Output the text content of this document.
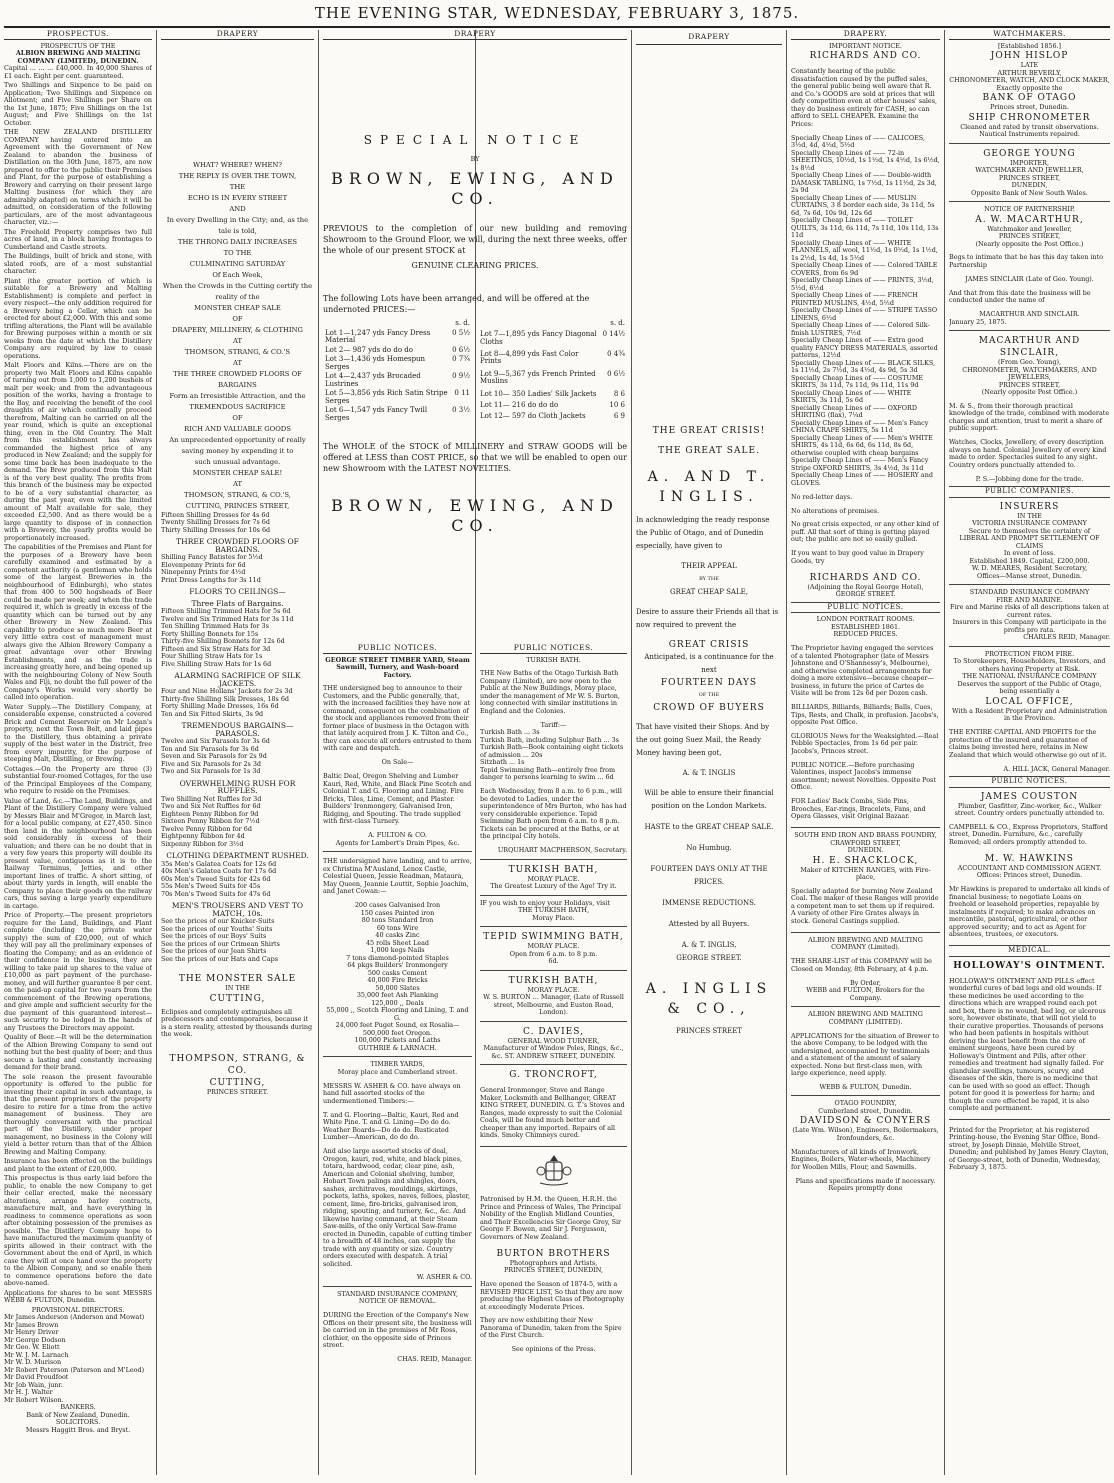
THE EVENING STAR, WEDNESDAY, FEBRUARY 3, 1875.
PROSPECTUS.
PROSPECTUS OF THE
ALBION BREWING AND MALTING COMPANY (LIMITED), DUNEDIN.

Capital ... ... ... £40,000. In 40,000 Shares of £1 each. Eight per cent. guaranteed.

Two Shillings and Sixpence to be paid on Application; Two Shillings and Sixpence on Allotment; and Five Shillings per Share on the 1st June, 1875; Five Shillings on the 1st August; and Five Shillings on the 1st October.

THE NEW ZEALAND DISTILLERY COMPANY having entered into an Agreement with the Government of New Zealand to abandon the business of Distillation on the 30th June, 1875, are now prepared to offer to the public their Premises and Plant, for the purpose of establishing a Brewery and carrying on their present large Malting business (for which they are admirably adapted) on terms which it will be admitted, on consideration of the following particulars, are of the most advantageous character, viz.:—

The Freehold Property comprises two full acres of land, in a block having frontages to Cumberland and Castle streets.

The Buildings, built of brick and stone, with slated roofs, are of a most substantial character.

Plant (the greater portion of which is suitable for a Brewery and Malting Establishment) is complete and perfect in every respect—the only addition required for a Brewery being a Cellar, which can be erected for about £2,000. With this and some trifling alterations, the Plant will be available for Brewing purposes within a month or six weeks from the date at which the Distillery Company are required by law to cease operations.

Malt Floors and Kilns.—There are on the property two Malt Floors and Kilns capable of turning out from 1,000 to 1,200 bushels of malt per week; and from the advantageous position of the works, having a frontage to the Bay, and receiving the benefit of the cool draughts of air which continually proceed therefrom, Malting can be carried on all the year round, which is quite an exceptional thing, even in the Old Country. The Malt from this establishment has always commanded the highest price of any produced in New Zealand; and the supply for some time back has been inadequate to the demand. The Brew produced from this Malt is of the very best quality. The profits from this branch of the business may be expected to be of a very substantial character, as during the past year, even with the limited amount of Malt available for sale, they exceeded £2,500. And as there would be a large quantity to dispose of in connection with a Brewery, the yearly profits would be proportionately increased.

The capabilities of the Premises and Plant for the purposes of a Brewery have been carefully examined and estimated by a competent authority (a gentleman who holds some of the largest Breweries in the neighbourhood of Edinburgh), who states that from 400 to 500 hogsheads of Beer could be made per week; and when the trade required it, which is greatly in excess of the quantity which can be turned out by any other Brewery in New Zealand. This capability to produce so much more Beer at very little extra cost of management must always give the Albion Brewery Company a great advantage over other Brewing Establishments, and as the trade is increasing greatly here, and being opened up with the neighbouring Colony of New South Wales and Fiji, no doubt the full power of the Company's Works would very shortly be called into operation.

Water Supply.—The Distillery Company, at considerable expense, constructed a covered Brick and Cement Reservoir on Mr Logan's property, next the Town Belt, and laid pipes to the Distillery, thus obtaining a private supply of the best water in the District, free from every impurity, for the purpose of steeping Malt, Distilling, or Brewing.

Cottages.—On the Property are three (3) substantial four-roomed Cottages, for the use of the Principal Employees of the Company, who require to reside on the Premises.

Value of Land, &c.—The Land, Buildings, and Plant of the Distillery Company were valued by Messrs Blair and M'Gregor, in March last, for a local public company, at £27,450. Since then land in the neighbourhood has been sold considerably in excess of their valuation; and there can be no doubt that in a very few years this property will double its present value, contiguous as it is to the Railway Terminus, Jetties, and other important lines of traffic. A short sitting, of about thirty yards in length, will enable the Company to place their goods on the railway cars, thus saving a large yearly expenditure in cartage.

Price of Property.—The present proprietors require for the Land, Buildings, and Plant complete (including the private water supply) the sum of £20,000, out of which they will pay all the preliminary expenses of floating the Company; and as an evidence of their confidence in the business, they are willing to take paid up shares to the value of £10,000 as part payment of the purchase-money, and will further guarantee 8 per cent. on the paid-up capital for two years from the commencement of the Brewing operations, and give ample and sufficient security for the due payment of this guaranteed interest—such security to be lodged in the hands of any Trustees the Directors may appoint.

Quality of Beer.—It will be the determination of the Albion Brewing Company to send out nothing but the best quality of beer; and thus secure a lasting and constantly increasing demand for their brand.

The sole reason the present favourable opportunity is offered to the public for investing their capital in such advantage, is that the present proprietors of the property desire to retire for a time from the active management of business. They are thoroughly conversant with the practical part of the Distillery, under proper management, no business in the Colony will yield a better return than that of the Albion Brewing and Malting Company.

Insurance has been effected on the buildings and plant to the extent of £20,000.

This prospectus is thus early laid before the public, to enable the new Company to get their cellar erected, make the necessary alterations, arrange barley contracts, manufacture malt, and have everything in readiness to commence operations as soon after obtaining possession of the premises as possible. The Distillery Company hope to have manufactured the maximum quantity of spirits allowed in their contract with the Government about the end of April, in which case they will at once hand over the property to the Albion Company, and so enable them to commence operations before the date above-named.

Applications for shares to be sent MESSRS WEBB & FULTON, Dunedin.

PROVISIONAL DIRECTORS.
Mr James Anderson (Anderson and Mowat)
Mr James Brown
Mr Henry Driver
Mr George Dodson
Mr Geo. W. Eliott
Mr W. J. M. Larnach
Mr W. D. Murison
Mr Robert Paterson (Paterson and M'Leod)
Mr David Proudfoot
Mr Job Wain, junr.
Mr H. J. Walter
Mr Robert Wilson.
BANKERS.
Bank of New Zealand, Dunedin.
SOLICITORS.
Messrs Haggitt Bros. and Bryst.
DRAPERY
WHAT? WHERE? WHEN?
THE REPLY IS OVER THE TOWN,
THE
ECHO IS IN EVERY STREET
AND
In every Dwelling in the City; and, as the
tale is told,
THE THRONG DAILY INCREASES
TO THE
CULMINATING SATURDAY
Of Each Week,
When the Crowds in the Cutting certify the
reality of the
MONSTER CHEAP SALE
OF
DRAPERY, MILLINERY, & CLOTHING
AT
THOMSON, STRANG, & CO.'S
AT
THE THREE CROWDED FLOORS OF
BARGAINS
Form an Irresistible Attraction, and the
TREMENDOUS SACRIFICE
OF
RICH AND VALUABLE GOODS
An unprecedented opportunity of really
saving money by expending it to
such unusual advantage.
MONSTER CHEAP SALE!
AT
THOMSON, STRANG, & CO.'S,
CUTTING, PRINCES STREET,
Fifteen Shilling Dresses for 4s 6d
Twenty Shilling Dresses for 7s 6d
Thirty Shilling Dresses for 10s 6d
THREE CROWDED FLOORS OF BARGAINS.
Shilling Fancy Batistes for 5½d
Elevenpenny Prints for 6d
Ninepenny Prints for 4½d
Print Dress Lengths for 3s 11d
FLOORS TO CEILINGS—
Three Flats of Bargains.
Fifteen Shilling Trimmed Hats for 5s 6d
Twelve and Six Trimmed Hats for 3s 11d
Ten Shilling Trimmed Hats for 3s
Forty Shilling Bonnets for 15s
Thirty-five Shilling Bonnets for 12s 6d
Fifteen and Six Straw Hats for 3d
Four Shilling Straw Hats for 1s
Five Shilling Straw Hats for 1s 6d
ALARMING SACRIFICE OF SILK JACKETS.
Four and Nine Hollans' Jackets for 2s 3d
Thirty-five Shilling Silk Dresses, 18s 6d
Forty Shilling Made Dresses, 16s 6d
Ten and Six Fitted Skirts, 3s 9d
TREMENDOUS BARGAINS—PARASOLS.
Twelve and Six Parasols for 3s 6d
Ten and Six Parasols for 3s 6d
Seven and Six Parasols for 2s 9d
Five and Six Parasols for 2s 3d
Two and Six Parasols for 1s 3d
OVERWHELMING RUSH FOR RUFFLES.
Two Shilling Net Ruffles for 3d
Two and Six Net Ruffles for 6d
Eighteen Penny Ribbon for 9d
Sixteen Penny Ribbon for 7½d
Twelve Penny Ribbon for 6d
Eightpenny Ribbon for 4d
Sixpenny Ribbon for 3½d
CLOTHING DEPARTMENT RUSHED.
35s Men's Galatea Coats for 12s 6d
40s Men's Galatea Coats for 17s 6d
60s Men's Tweed Suits for 42s 6d
55s Men's Tweed Suits for 45s
70s Men's Tweed Suits for 47s 6d
MEN'S TROUSERS AND VEST TO MATCH, 10s.
See the prices of our Knicker-Suits
See the prices of our Youths' Suits
See the prices of our Boys' Suits
See the prices of our Crimean Shirts
See the prices of our Jean Shirts
See the prices of our Hats and Caps
THE MONSTER SALE
IN THE
CUTTING,

Eclipses and completely extinguishes all predecessors and contemporaries, because it is a stern reality, attested by thousands during the week.

THOMPSON, STRANG, & CO.
CUTTING,
PRINCES STREET.
DRAPERY
SPECIAL NOTICE
BY
BROWN, EWING, AND CO.

PREVIOUS to the completion of our new building and removing Showroom to the Ground Floor, we will, during the next three weeks, offer the whole of our present STOCK at

GENUINE CLEARING PRICES.

The following Lots have been arranged, and will be offered at the undernoted PRICES:—

	s. d.
Lot 1—1,247 yds Fancy Dress Material	0 5½
Lot 2— 987 yds do do do	0 6½
Lot 3—1,436 yds Homespun Serges	0 7¾
Lot 4—2,437 yds Brocaded Lustrines	0 9½
Lot 5—3,856 yds Rich Satin Stripe Serges	0 11
Lot 6—1,547 yds Fancy Twill Serges	0 3½
	s. d.
Lot 7—1,895 yds Fancy Diagonal Cloths	0 14½
Lot 8—4,899 yds Fast Color Prints	0 4¾
Lot 9—5,367 yds French Printed Muslins	0 6½
Lot 10— 350 Ladies' Silk Jackets	8 6
Lot 11— 216 do do do	10 6
Lot 12— 597 do Cloth Jackets	6 9

The WHOLE of the STOCK of MILLINERY and STRAW GOODS will be offered at LESS than COST PRICE, so that we will be enabled to open our new Showroom with the LATEST NOVELTIES.

BROWN, EWING, AND CO.
PUBLIC NOTICES.
GEORGE STREET TIMBER YARD, Steam Sawmill, Turnery, and Wash-board Factory.

THE undersigned beg to announce to their Customers, and the Public generally, that, with the increased facilities they have now at command, consequent on the combination of the stock and appliances removed from their former place of business in the Octagon with that lately acquired from J. K. Tilton and Co., they can execute all orders entrusted to them with care and despatch.

On Sale—

Baltic Deal, Oregon Shelving and Lumber Kauri, Red, White, and Black Pine Scotch and Colonial T. and G. Flooring and Lining. Fire Bricks, Tiles, Lime, Cement, and Plaster. Builders' Ironmongery, Galvanised Iron, Ridging, and Spouting. The trade supplied with first-class Turnery.

A. FULTON & CO.
Agents for Lambert's Drain Pipes, &c.

THE undersigned have landing, and to arrive, ex Christina M'Ausland, Lenox Castle, Celestial Queen, Jessie Readman, Mataura, May Queen, Jeannie Louttit, Sophie Joachim, and Janet Cowan:—

200 cases Galvanised Iron
150 cases Painted iron
80 tons Standard Iron
60 tons Wire
40 casks Zinc
45 rolls Sheet Lead
1,000 kegs Nails
7 tons diamond-pointed Staples
64 pkgs Builders' Ironmongery
500 casks Cement
40,000 Fire Bricks
50,000 Slates
35,000 feet Ash Planking
125,000 ,, Deals
55,000 ,, Scotch Flooring and Lining, T. and G.
24,000 feet Puget Sound, ex Rosalia—
500,000 feet Oregon.
100,000 Pickets and Laths
GUTHRIE & LARNACH.
TIMBER YARDS,
Moray place and Cumberland street.

MESSRS W. ASHER & CO. have always on hand full assorted stocks of the undermentioned Timbers:—

T. and G. Flooring—Baltic, Kauri, Red and White Pine. T. and G. Lining—Do do do. Weather Boards—Do do do. Rusticated Lumber—American, do do do.

And also large assorted stocks of deal, Oregon, kauri, red, white, and black pines, totara, hardwood, cedar, clear pine, ash, American and Colonial shelving, lumber, Hobart Town palings and shingles, doors, sashes, architraves, mouldings, skirtings, pockets, laths, spokes, naves, felloes, plaster, cement, lime, fire-bricks, galvanised iron, ridging, spouting, and turnery, &c., &c. And likewise having command, at their Steam Saw-mills, of the only Vertical Saw-frame erected in Dunedin, capable of cutting timber to a breadth of 48 inches, can supply the trade with any quantity or size. Country orders executed with despatch. A trial solicited.

W. ASHER & CO.
STANDARD INSURANCE COMPANY,
NOTICE OF REMOVAL.

DURING the Erection of the Company's New Offices on their present site, the business will be carried on in the premises of Mr Ross, clothier, on the opposite side of Princes street.

CHAS. REID, Manager.
PUBLIC NOTICES.
TURKISH BATH.

THE New Baths of the Otago Turkish Bath Company (Limited), are now open to the Public at the New Buildings, Moray place, under the management of Mr W. S. Burton, long connected with similar institutions in England and the Colonies.

Tariff:—
Turkish Bath ... 3s
Turkish Bath, including Sulphur Bath ... 3s
Turkish Bath—Book containing eight tickets of admission ... 20s
Sitzbath ... 1s
Tepid Swimming Bath—entirely free from danger to persons learning to swim ... 6d

Each Wednesday, from 8 a.m. to 6 p.m., will be devoted to Ladies, under the superintendence of Mrs Burton, who has had very considerable experience. Tepid Swimming Bath open from 6 a.m. to 8 p.m. Tickets can be procured at the Baths, or at the principal City hotels.

URQUHART MACPHERSON, Secretary.
TURKISH BATH,
MORAY PLACE.
The Greatest Luxury of the Age! Try it.
IF you wish to enjoy your Holidays, visit
THE TURKISH BATH,
Moray Place.
TEPID SWIMMING BATH,
MORAY PLACE.
Open from 6 a.m. to 8 p.m.
6d.
TURKISH BATH,
MORAY PLACE.
W. S. BURTON ... Manager, (Late of Russell street, Melbourne, and Euston Road, London).
C. DAVIES,
GENERAL WOOD TURNER,
Manufacturer of Window Poles, Rings, &c., &c. ST. ANDREW STREET, DUNEDIN.
G. TRONCROFT,

General Ironmonger, Stove and Range Maker, Locksmith and Bellhanger, GREAT KING STREET, DUNEDIN. G. T.'s Stoves and Ranges, made expressly to suit the Colonial Coals, will be found much better and cheaper than any imported. Repairs of all kinds. Smoky Chimneys cured.

Patronised by H.M. the Queen, H.R.H. the Prince and Princess of Wales, The Principal Nobility of the English Midland Counties, and Their Excellencies Sir George Grey, Sir George F. Bowen, and Sir J. Fergusson, Governors of New Zealand.

BURTON BROTHERS
Photographers and Artists,
PRINCES STREET, DUNEDIN,

Have opened the Season of 1874-5, with a REVISED PRICE LIST, So that they are now producing the Highest Class of Photography at exceedingly Moderate Prices.

They are now exhibiting their New Panorama of Dunedin, taken from the Spire of the First Church.

See opinions of the Press.
DRAPERY
THE GREAT CRISIS!
THE GREAT SALE.
A. AND T. INGLIS.

In acknowledging the ready response the Public of Otago, and of Dunedin especially, have given to

THEIR APPEAL
BY THE
GREAT CHEAP SALE,

Desire to assure their Friends all that is now required to prevent the

GREAT CRISIS
Anticipated, is a continuance for the next
FOURTEEN DAYS
OF THE
CROWD OF BUYERS

That have visited their Shops. And by the out going Suez Mail, the Ready Money having been got,

A. & T. INGLIS

Will be able to ensure their financial position on the London Markets.

HASTE to the GREAT CHEAP SALE.
No Humbug.
FOURTEEN DAYS ONLY AT THE PRICES.
IMMENSE REDUCTIONS.
Attested by all Buyers.
A. & T. INGLIS,
GEORGE STREET.
A. INGLIS & CO.,
PRINCES STREET
DRAPERY.
IMPORTANT NOTICE.
RICHARDS AND CO.

Constantly hearing of the public dissatisfaction caused by the puffed sales, the general public being well aware that R. and Co.'s GOODS are sold at prices that will defy competition even at other houses' sales, they do business entirely for CASH, so can afford to SELL CHEAPER. Examine the Prices:

Specially Cheap Lines of —— CALICOES, 3½d, 4d, 4½d, 5½d
Specially Cheap Lines of —— 72-in SHEETINGS, 10½d, 1s 1½d, 1s 4½d, 1s 6½d, 1s 8½d
Specially Cheap Lines of —— Double-width DAMASK TABLING, 1s 7½d, 1s 11½d, 2s 3d, 2s 9d
Specially Cheap Lines of —— MUSLIN CURTAINS, 3 8 border each side, 3s 11d, 5s 6d, 7s 6d, 10s 9d, 12s 6d
Specially Cheap Lines of —— TOILET QUILTS, 3s 11d, 6s 11d, 7s 11d, 10s 11d, 13s 11d
Specially Cheap Lines of —— WHITE FLANNELS, all wool, 11½d, 1s 0½d, 1s 1½d, 1s 2½d, 1s 4d, 1s 5½d
Specially Cheap Lines of —— Colored TABLE COVERS, from 6s 9d
Specially Cheap Lines of —— PRINTS, 3½d, 5½d, 6½d
Specially Cheap Lines of —— FRENCH PRINTED MUSLINS, 4½d, 5½d
Specially Cheap Lines of —— STRIPE TASSO LINENS, 6½d
Specially Cheap Lines of —— Colored Silk-finish LUSTRES, 7½d
Specially Cheap Lines of —— Extra good quality FANCY DRESS MATERIALS, assorted patterns, 12½d
Specially Cheap Lines of —— BLACK SILKS, 1s 11½d, 2s 7½d, 3s 4½d, 4s 9d, 5s 3d
Specially Cheap Lines of —— COSTUME SKIRTS, 3s 11d, 7s 11d, 9s 11d, 11s 9d
Specially Cheap Lines of —— WHITE SKIRTS, 3s 11d, 5s 6d
Specially Cheap Lines of —— OXFORD SHIRTING (flax), 7¼d
Specially Cheap Lines of —— Men's Fancy CHINA CRAPE SHIRTS, 5s 11d
Specially Cheap Lines of —— Men's WHITE SHIRTS, 4s 11d, 6s 6d, 6s 11d, 8s 6d, otherwise coupled with cheap bargains
Specially Cheap Lines of —— Men's Fancy Stripe OXFORD SHIRTS, 3s 4½d, 3s 11d
Specially Cheap Lines of —— HOSIERY and GLOVES.

No red-letter days.

No alterations of premises.

No great crisis expected, or any other kind of puff. All that sort of thing is getting played out; the public are not so easily gulled.

If you want to buy good value in Drapery Goods, try

RICHARDS AND CO.
(Adjoining the Royal George Hotel),
GEORGE STREET.
PUBLIC NOTICES.
LONDON PORTRAIT ROOMS.
ESTABLISHED 1861.
REDUCED PRICES.

The Proprietor having engaged the services of a talented Photographer (late of Messrs Johnstone and O'Shannessy's, Melbourne), and otherwise completed arrangements for doing a more extensive—because cheaper—business, in future the price of Cartes de Visite will be from 12s 6d per Dozen cash.

BILLIARDS, Billiards, Billiards; Balls, Cues, Tips, Rests, and Chalk, in profusion. Jacobs's, opposite Post Office.

GLORIOUS News for the Weaksighted.—Real Pebble Spectacles, from 1s 6d per pair. Jacobs's, Princes street.

PUBLIC NOTICE.—Before purchasing Valentines, inspect Jacobs's immense assortment; newest Novelties. Opposite Post Office.

FOR Ladies' Back Combs, Side Pins, Brooches, Ear-rings, Bracelets, Fans, and Opera Glasses, visit Original Bazaar.

SOUTH END IRON AND BRASS FOUNDRY, CRAWFORD STREET,
DUNEDIN.
H. E. SHACKLOCK,
Maker of KITCHEN RANGES, with Fire-place,

Specially adapted for burning New Zealand Coal. The maker of these Ranges will provide a competent man to set them up if required. A variety of other Fire Grates always in stock. General Castings supplied.

ALBION BREWING AND MALTING COMPANY (Limited).

THE SHARE-LIST of this COMPANY will be Closed on Monday, 8th February, at 4 p.m.

By Order,
WEBB and FULTON, Brokers for the Company.
ALBION BREWING AND MALTING COMPANY (LIMITED).

APPLICATIONS for the situation of Brewer to the above Company, to be lodged with the undersigned, accompanied by testimonials and a statement of the amount of salary expected. None but first-class men, with large experience, need apply.

WEBB & FULTON, Dunedin.
OTAGO FOUNDRY,
Cumberland street, Dunedin.
DAVIDSON & CONYERS
(Late Wm. Wilson), Engineers, Boilermakers, Ironfounders, &c.

Manufacturers of all kinds of Ironwork, Engines, Boilers, Water-wheels, Machinery for Woollen Mills, Flour, and Sawmills.

Plans and specifications made if necessary.
Repairs promptly done
WATCHMAKERS.
[Established 1856.]
JOHN HISLOP
LATE
ARTHUR BEVERLY,
CHRONOMETER, WATCH, AND CLOCK MAKER,
Exactly opposite the
BANK OF OTAGO
Princes street, Dunedin.
SHIP CHRONOMETER
Cleaned and rated by transit observations. Nautical Instruments repaired.
GEORGE YOUNG
IMPORTER,
WATCHMAKER AND JEWELLER,
PRINCES STREET,
DUNEDIN,
Opposite Bank of New South Wales.
NOTICE OF PARTNERSHIP.
A. W. MACARTHUR,
Watchmaker and Jeweller,
PRINCES STREET,
(Nearly opposite the Post Office.)

Begs to intimate that he has this day taken into Partnership

JAMES SINCLAIR (Late of Geo. Young).

And that from this date the business will be conducted under the name of

MACARTHUR AND SINCLAIR.
January 25, 1875.
MACARTHUR AND SINCLAIR,
(From Geo. Young),
CHRONOMETER, WATCHMAKERS, AND JEWELLERS,
PRINCES STREET,
(Nearly opposite Post Office.)

M. & S., from their thorough practical knowledge of the trade, combined with moderate charges and attention, trust to merit a share of public support.

Watches, Clocks, Jewellery, of every description always on hand. Colonial Jewellery of every kind made to order. Spectacles suited to any sight. Country orders punctually attended to.

P. S.—Jobbing done for the trade.
PUBLIC COMPANIES.
INSURERS
IN THE
VICTORIA INSURANCE COMPANY
Secure to themselves the certainty of
LIBERAL AND PROMPT SETTLEMENT OF CLAIMS
In event of loss.
Established 1849. Capital, £200,000.
W. D. MEARES, Resident Secretary,
Offices—Manse street, Dunedin.
STANDARD INSURANCE COMPANY
FIRE AND MARINE.
Fire and Marine risks of all descriptions taken at current rates.
Insurers in this Company will participate in the profits pro rata.
CHARLES REID, Manager.
PROTECTION FROM FIRE.
To Storekeepers, Householders, Investors, and others having Property at Risk.
THE NATIONAL INSURANCE COMPANY
Deserves the support of the Public of Otago, being essentially a
LOCAL OFFICE,
With a Resident Proprietary and Administration in the Province.

THE ENTIRE CAPITAL AND PROFITS for the protection of the insured and guarantee of claims being invested here, retains in New Zealand that which would otherwise go out of it.

A. HILL JACK, General Manager.
PUBLIC NOTICES.
JAMES COUSTON
Plumber, Gasfitter, Zinc-worker, &c., Walker street. Country orders punctually attended to.

CAMPBELL & CO., Express Proprietors, Stafford street, Dunedin. Furniture, &c., carefully Removed; all orders promptly attended to.

M. W. HAWKINS
ACCOUNTANT AND COMMISSION AGENT.
Offices: Princes street, Dunedin.

Mr Hawkins is prepared to undertake all kinds of financial business; to negotiate Loans on freehold or leasehold properties, repayable by instalments if required; to make advances on mercantile, pastoral, agricultural, or other approved security; and to act as Agent for absentees, trustees, or executors.

MEDICAL.
HOLLOWAY'S OINTMENT.

HOLLOWAY'S OINTMENT AND PILLS effect wonderful cures of bad legs and old wounds. If these medicines be used according to the directions which are wrapped round each pot and box, there is no wound, bad leg, or ulcerous sore, however obstinate, that will not yield to their curative properties. Thousands of persons who had been patients in hospitals without deriving the least benefit from the care of eminent surgeons, have been cured by Holloway's Ointment and Pills, after other remedies and treatment had signally failed. For glandular swellings, tumours, scurvy, and diseases of the skin, there is no medicine that can be used with so good an effect. Though potent for good it is powerless for harm; and though the cure effected be rapid, it is also complete and permanent.

Printed for the Proprietor, at his registered Printing-house, the Evening Star Office, Bond-street, by Joseph Dinnie, Melville Street, Dunedin; and published by James Henry Clayton, of George-street, both of Dunedin, Wednesday, February 3, 1875.
